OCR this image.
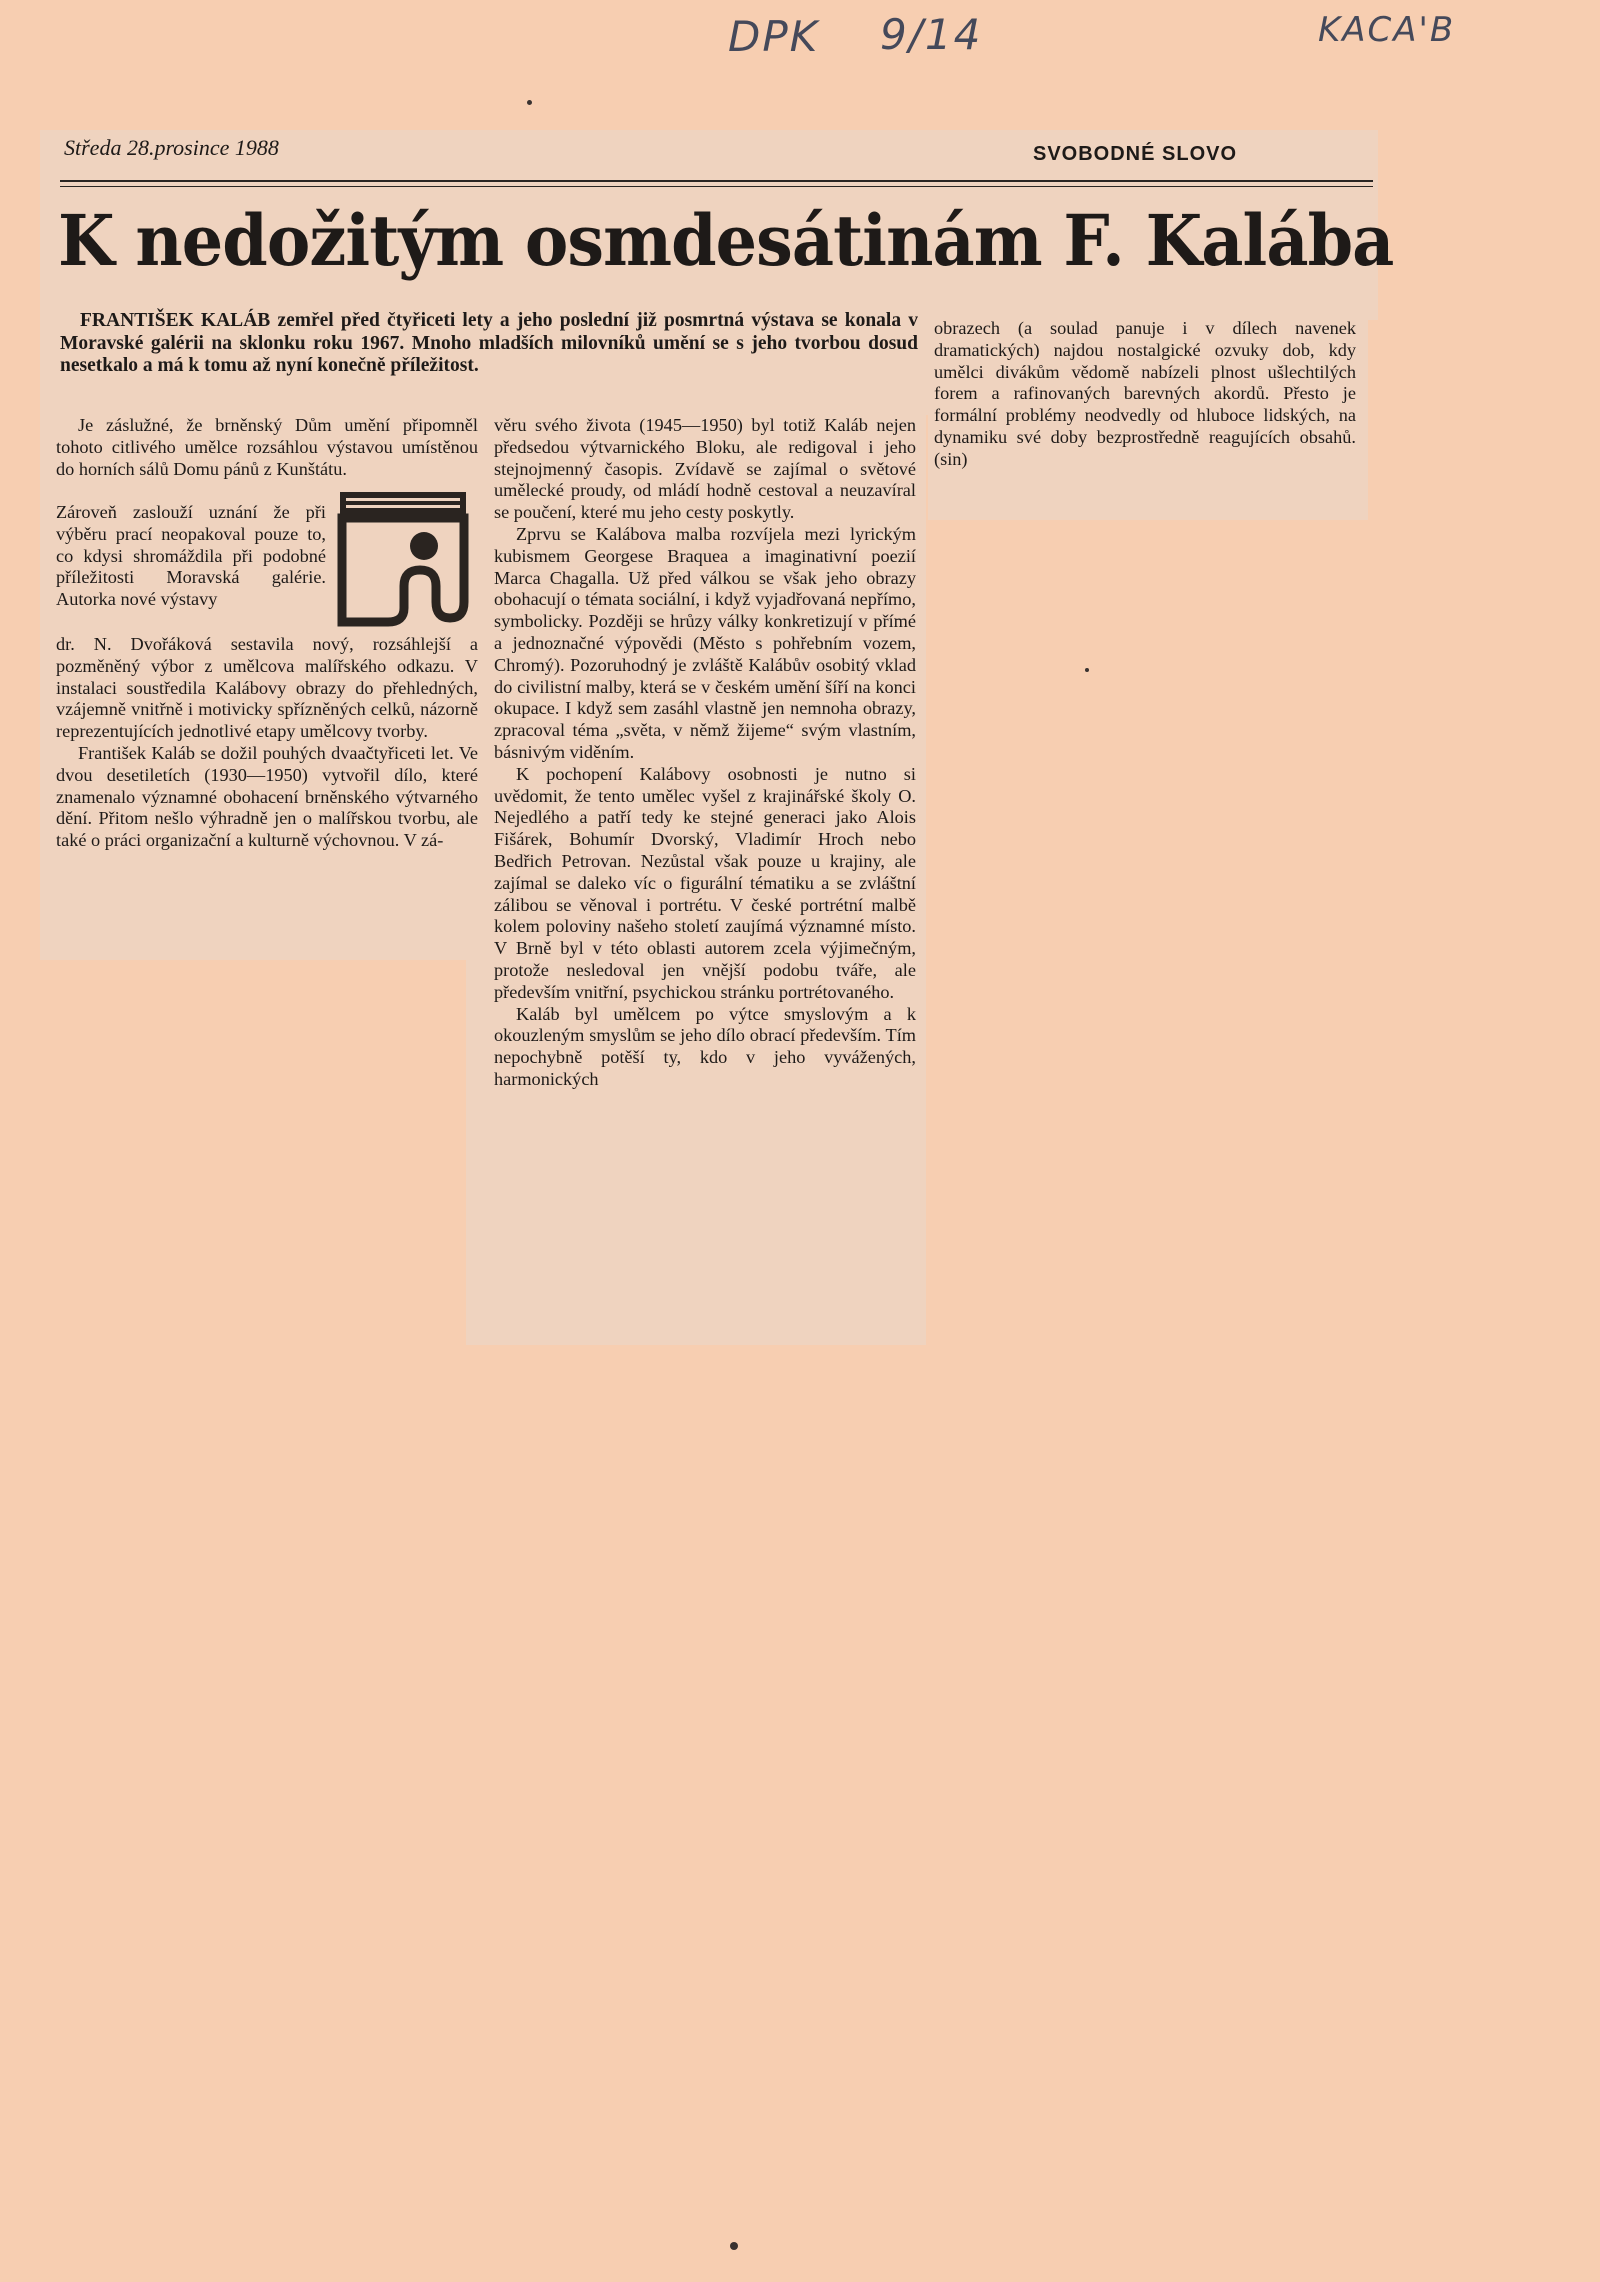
DPK 9/14	KACA'B
Středa 28.prosince 1988	SVOBODNÉ SLOVO
K nedožitým osmdesátinám F. Kalába

FRANTIŠEK KALÁB zemřel před čtyřiceti lety a jeho poslední již posmrtná výstava se konala v Moravské galérii na sklonku roku 1967. Mnoho mladších milovníků umění se s jeho tvorbou dosud nesetkalo a má k tomu až nyní konečně příležitost.

Je záslužné, že brněnský Dům umění připomněl tohoto citlivého umělce rozsáhlou výstavou umístěnou do horních sálů Domu pánů z Kunštátu.

Zároveň zaslouží uznání že při výběru prací neopakoval pouze to, co kdysi shromáždila při podobné příležitosti Moravská galérie. Autorka nové výstavy

dr. N. Dvořáková sestavila nový, rozsáhlejší a pozměněný výbor z umělcova malířského odkazu. V instalaci soustředila Kalábovy obrazy do přehledných, vzájemně vnitřně i motivicky spřízněných celků, názorně reprezentujících jednotlivé etapy umělcovy tvorby.

František Kaláb se dožil pouhých dvaačtyřiceti let. Ve dvou desetiletích (1930—1950) vytvořil dílo, které znamenalo významné obohacení brněnského výtvarného dění. Přitom nešlo výhradně jen o malířskou tvorbu, ale také o práci organizační a kulturně výchovnou. V zá-

věru svého života (1945—1950) byl totiž Kaláb nejen předsedou výtvarnického Bloku, ale redigoval i jeho stejnojmenný časopis. Zvídavě se zajímal o světové umělecké proudy, od mládí hodně cestoval a neuzavíral se poučení, které mu jeho cesty poskytly.

Zprvu se Kalábova malba rozvíjela mezi lyrickým kubismem Georgese Braquea a imaginativní poezií Marca Chagalla. Už před válkou se však jeho obrazy obohacují o témata sociální, i když vyjadřovaná nepřímo, symbolicky. Později se hrůzy války konkretizují v přímé a jednoznačné výpovědi (Město s pohřebním vozem, Chromý). Pozoruhodný je zvláště Kalábův osobitý vklad do civilistní malby, která se v českém umění šíří na konci okupace. I když sem zasáhl vlastně jen nemnoha obrazy, zpracoval téma „světa, v němž žijeme“ svým vlastním, básnivým viděním.

K pochopení Kalábovy osobnosti je nutno si uvědomit, že tento umělec vyšel z krajinářské školy O. Nejedlého a patří tedy ke stejné generaci jako Alois Fišárek, Bohumír Dvorský, Vladimír Hroch nebo Bedřich Petrovan. Nezůstal však pouze u krajiny, ale zajímal se daleko víc o figurální tématiku a se zvláštní zálibou se věnoval i portrétu. V české portrétní malbě kolem poloviny našeho století zaujímá významné místo. V Brně byl v této oblasti autorem zcela výjimečným, protože nesledoval jen vnější podobu tváře, ale především vnitřní, psychickou stránku portrétovaného.

Kaláb byl umělcem po výtce smyslovým a k okouzleným smyslům se jeho dílo obrací především. Tím nepochybně potěší ty, kdo v jeho vyvážených, harmonických

obrazech (a soulad panuje i v dílech navenek dramatických) najdou nostalgické ozvuky dob, kdy umělci divákům vědomě nabízeli plnost ušlechtilých forem a rafinovaných barevných akordů. Přesto je formální problémy neodvedly od hluboce lidských, na dynamiku své doby bezprostředně reagujících obsahů. (sin)
